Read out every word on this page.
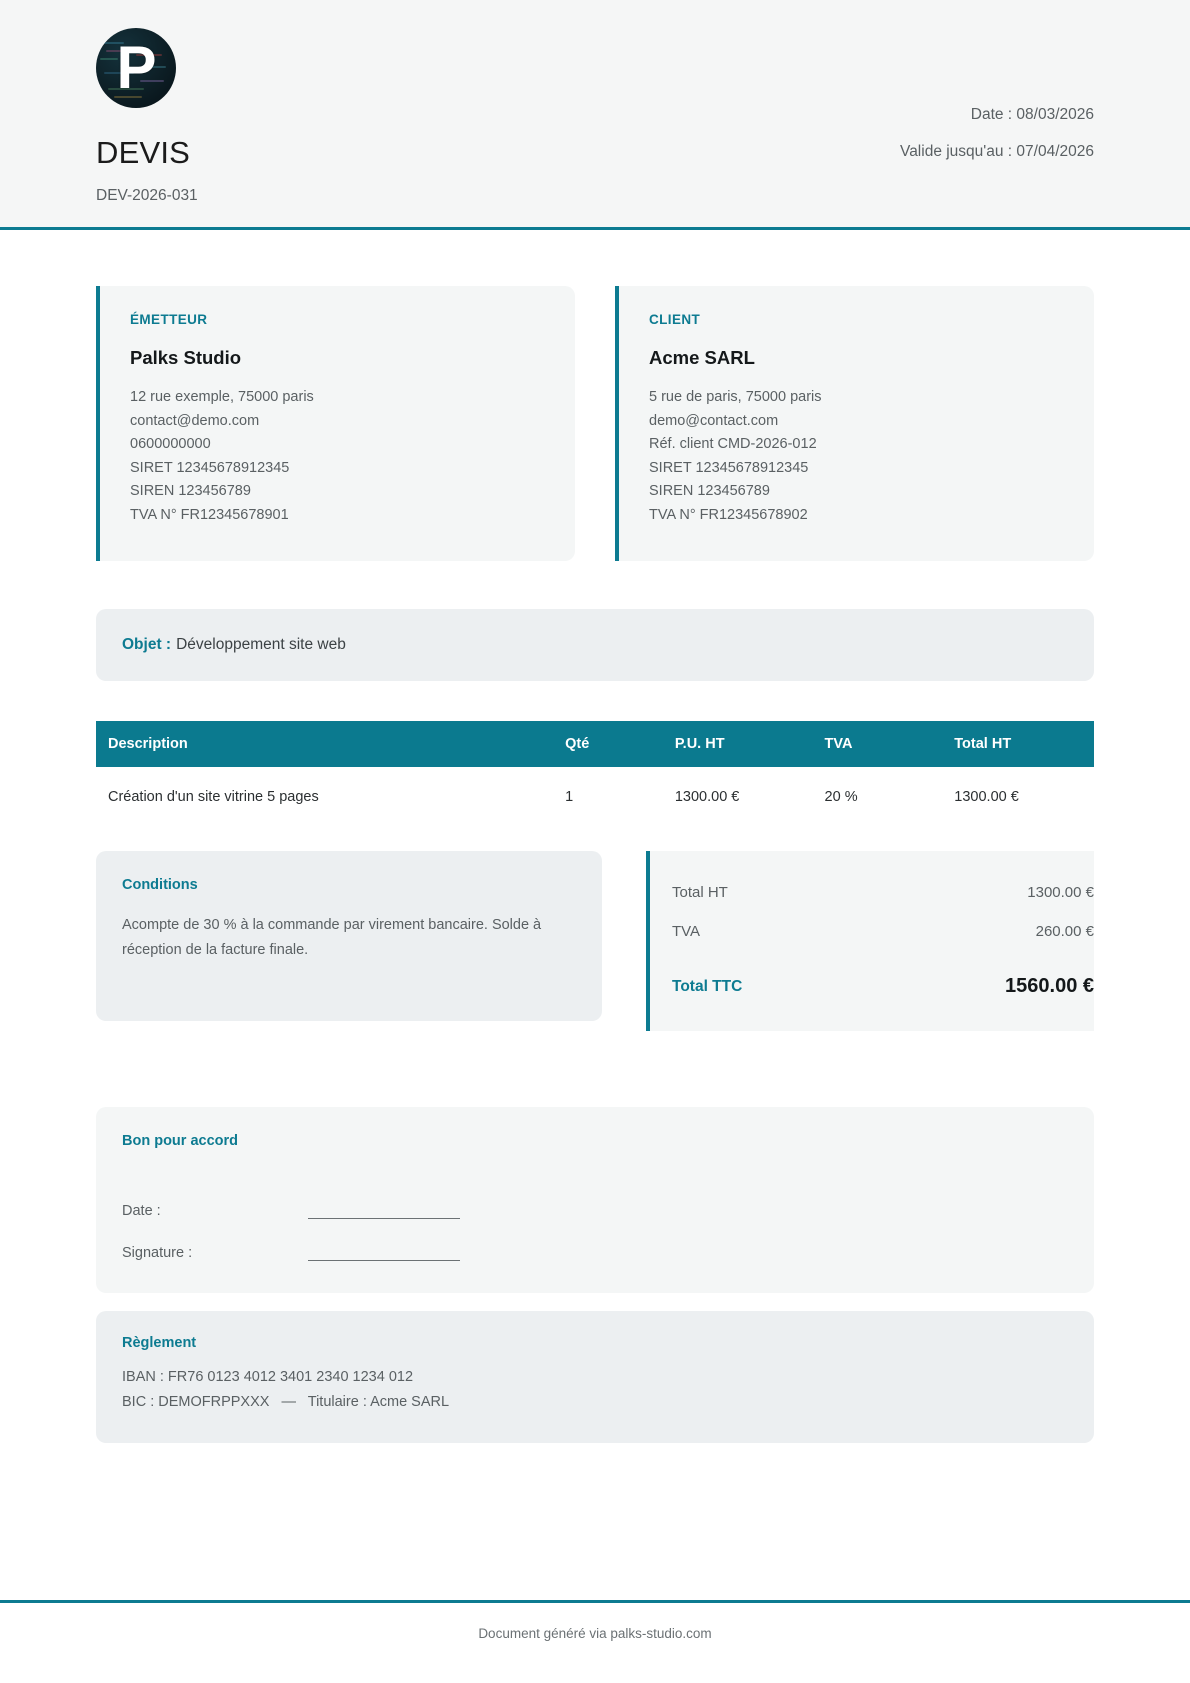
P
DEVIS
DEV-2026-031
Date : 08/03/2026
Valide jusqu'au : 07/04/2026
ÉMETTEUR
Palks Studio
12 rue exemple, 75000 paris
contact@demo.com
0600000000
SIRET 12345678912345
SIREN 123456789
TVA N° FR12345678901
CLIENT
Acme SARL
5 rue de paris, 75000 paris
demo@contact.com
Réf. client CMD-2026-012
SIRET 12345678912345
SIREN 123456789
TVA N° FR12345678902
Objet : Développement site web
Description	Qté	P.U. HT	TVA	Total HT
Création d'un site vitrine 5 pages	1	1300.00 €	20 %	1300.00 €
Conditions

Acompte de 30 % à la commande par virement bancaire. Solde à réception de la facture finale.

Total HT	1300.00 €
TVA	260.00 €
Total TTC	1560.00 €
Bon pour accord
Date :
Signature :
Règlement

IBAN : FR76 0123 4012 3401 2340 1234 012

BIC : DEMOFRPPXXX — Titulaire : Acme SARL

Document généré via palks-studio.com
